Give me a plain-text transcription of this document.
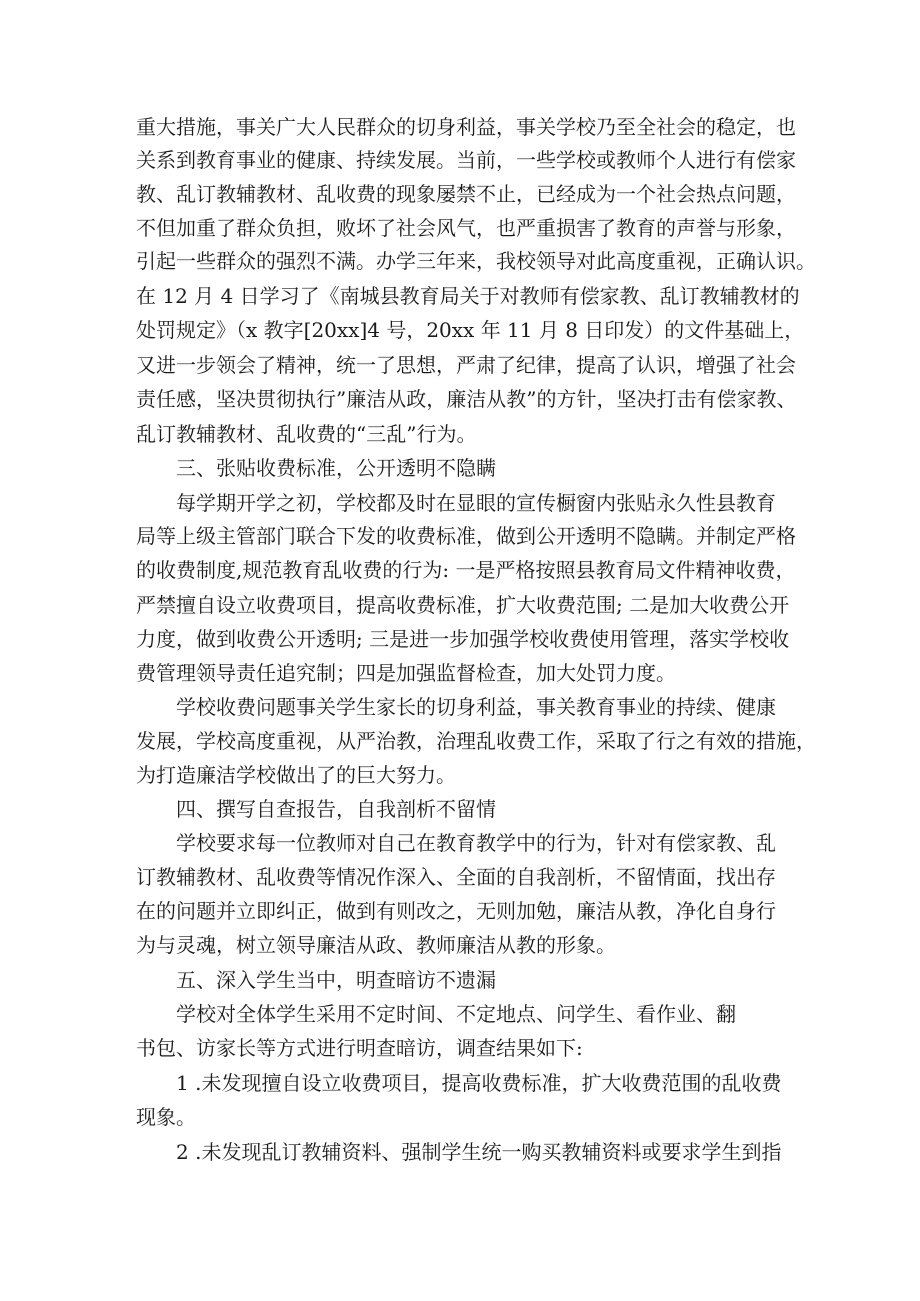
重大措施，事关广大人民群众的切身利益，事关学校乃至全社会的稳定，也
关系到教育事业的健康、持续发展。当前，一些学校或教师个人进行有偿家
教、乱订教辅教材、乱收费的现象屡禁不止，已经成为一个社会热点问题，
不但加重了群众负担，败坏了社会风气，也严重损害了教育的声誉与形象，
引起一些群众的强烈不满。办学三年来，我校领导对此高度重视，正确认识。
在 12 月 4 日学习了《南城县教育局关于对教师有偿家教、乱订教辅教材的
处罚规定》（x 教字[20xx]4 号，20xx 年 11 月 8 日印发）的文件基础上，
又进一步领会了精神，统一了思想，严肃了纪律，提高了认识，增强了社会
责任感，坚决贯彻执行”廉洁从政，廉洁从教”的方针，坚决打击有偿家教、
乱订教辅教材、乱收费的“三乱”行为。
三、张贴收费标准，公开透明不隐瞒
每学期开学之初，学校都及时在显眼的宣传橱窗内张贴永久性县教育
局等上级主管部门联合下发的收费标准，做到公开透明不隐瞒。并制定严格
的收费制度,规范教育乱收费的行为: 一是严格按照县教育局文件精神收费，
严禁擅自设立收费项目，提高收费标准，扩大收费范围; 二是加大收费公开
力度，做到收费公开透明; 三是进一步加强学校收费使用管理，落实学校收
费管理领导责任追究制；四是加强监督检查，加大处罚力度。
学校收费问题事关学生家长的切身利益，事关教育事业的持续、健康
发展，学校高度重视，从严治教，治理乱收费工作，采取了行之有效的措施，
为打造廉洁学校做出了的巨大努力。
四、撰写自查报告，自我剖析不留情
学校要求每一位教师对自己在教育教学中的行为，针对有偿家教、乱
订教辅教材、乱收费等情况作深入、全面的自我剖析，不留情面，找出存
在的问题并立即纠正，做到有则改之，无则加勉，廉洁从教，净化自身行
为与灵魂，树立领导廉洁从政、教师廉洁从教的形象。
五、深入学生当中，明查暗访不遗漏
学校对全体学生采用不定时间、不定地点、问学生、看作业、翻
书包、访家长等方式进行明查暗访，调查结果如下:
1 .未发现擅自设立收费项目，提高收费标准，扩大收费范围的乱收费
现象。
2 .未发现乱订教辅资料、强制学生统一购买教辅资料或要求学生到指
